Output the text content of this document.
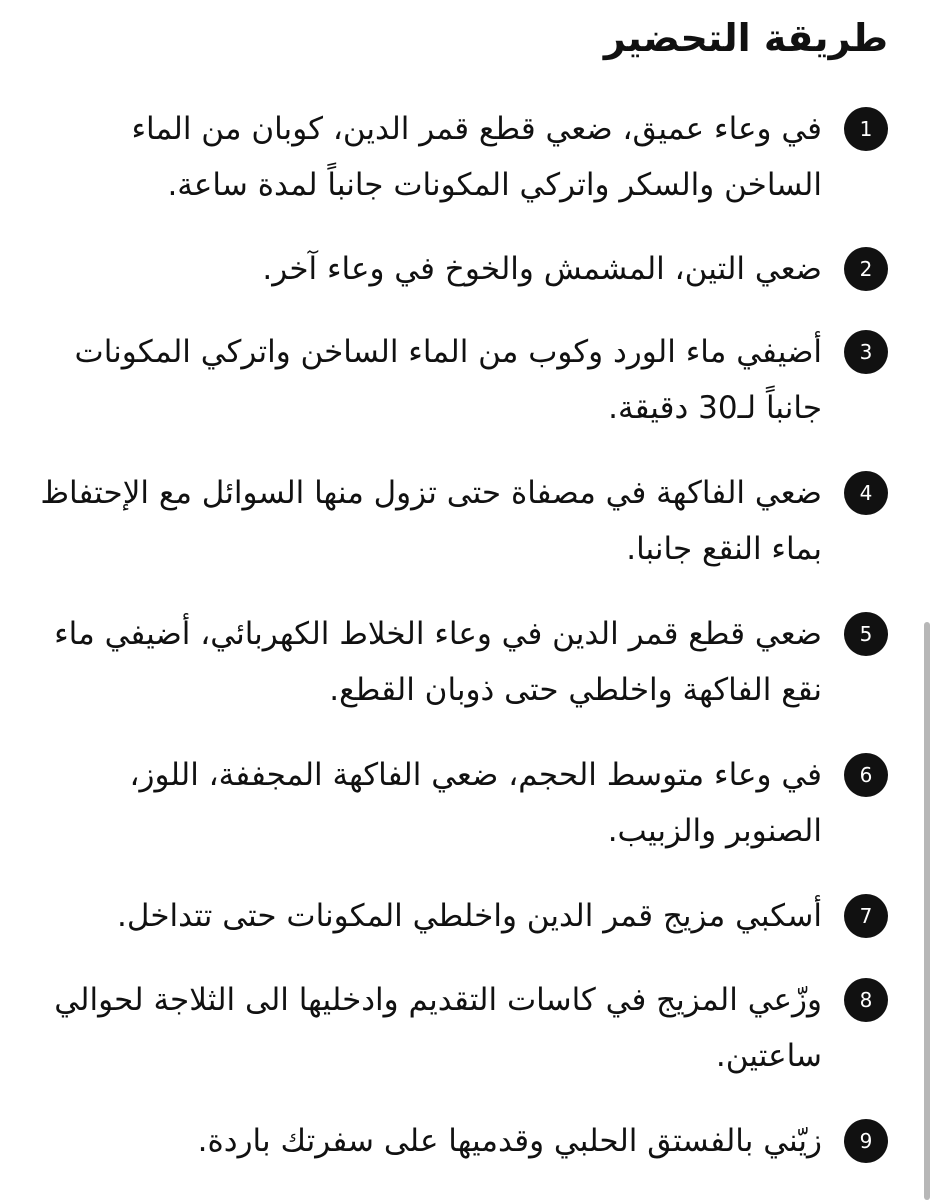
طريقة التحضير
1

في وعاء عميق، ضعي قطع قمر الدين، كوبان من الماء الساخن والسكر واتركي المكونات جانباً لمدة ساعة.

2

ضعي التين، المشمش والخوخ في وعاء آخر.

3

أضيفي ماء الورد وكوب من الماء الساخن واتركي المكونات جانباً لـ30 دقيقة.

4

ضعي الفاكهة في مصفاة حتى تزول منها السوائل مع الإحتفاظ بماء النقع جانبا.

5

ضعي قطع قمر الدين في وعاء الخلاط الكهربائي، أضيفي ماء نقع الفاكهة واخلطي حتى ذوبان القطع.

6

في وعاء متوسط الحجم، ضعي الفاكهة المجففة، اللوز، الصنوبر والزبيب.

7

أسكبي مزيج قمر الدين واخلطي المكونات حتى تتداخل.

8

وزّعي المزيج في كاسات التقديم وادخليها الى الثلاجة لحوالي ساعتين.

9

زيّني بالفستق الحلبي وقدميها على سفرتك باردة.
